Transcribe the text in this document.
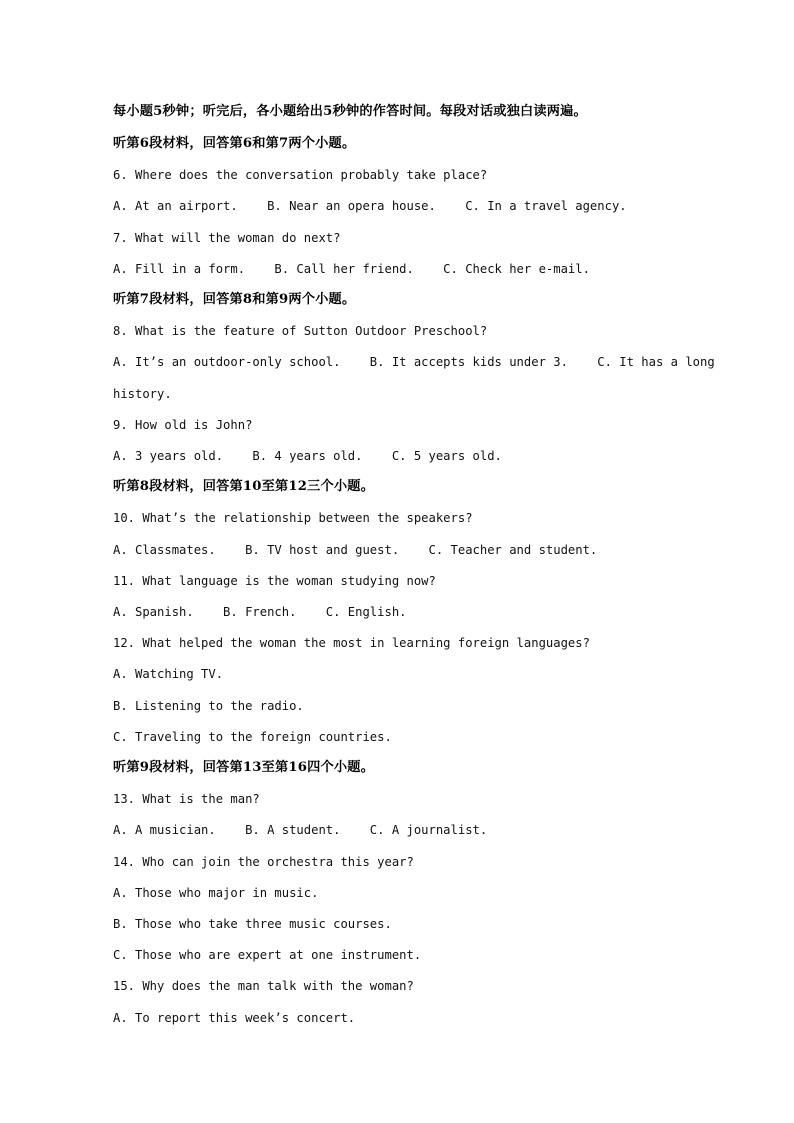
每小题5秒钟；听完后，各小题给出5秒钟的作答时间。每段对话或独白读两遍。
听第6段材料，回答第6和第7两个小题。
6. Where does the conversation probably take place?
A. At an airport.    B. Near an opera house.    C. In a travel agency.
7. What will the woman do next?
A. Fill in a form.    B. Call her friend.    C. Check her e-mail.
听第7段材料，回答第8和第9两个小题。
8. What is the feature of Sutton Outdoor Preschool?
A. It’s an outdoor-only school.    B. It accepts kids under 3.    C. It has a long
history.
9. How old is John?
A. 3 years old.    B. 4 years old.    C. 5 years old.
听第8段材料，回答第10至第12三个小题。
10. What’s the relationship between the speakers?
A. Classmates.    B. TV host and guest.    C. Teacher and student.
11. What language is the woman studying now?
A. Spanish.    B. French.    C. English.
12. What helped the woman the most in learning foreign languages?
A. Watching TV.
B. Listening to the radio.
C. Traveling to the foreign countries.
听第9段材料，回答第13至第16四个小题。
13. What is the man?
A. A musician.    B. A student.    C. A journalist.
14. Who can join the orchestra this year?
A. Those who major in music.
B. Those who take three music courses.
C. Those who are expert at one instrument.
15. Why does the man talk with the woman?
A. To report this week’s concert.
